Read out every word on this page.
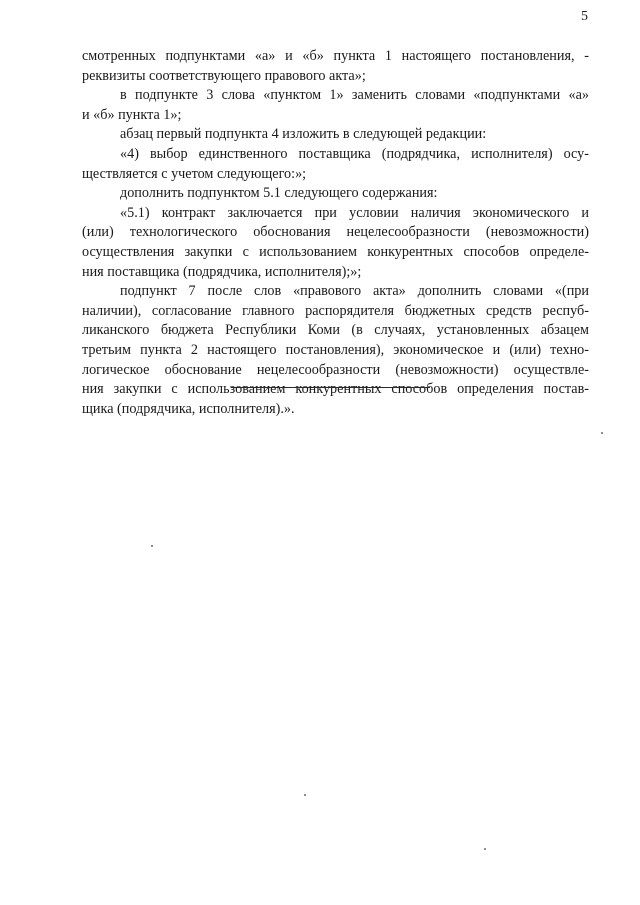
5
смотренных подпунктами «а» и «б» пункта 1 настоящего постановления, -
реквизиты соответствующего правового акта»;
в подпункте 3 слова «пунктом 1» заменить словами «подпунктами «а»
и «б» пункта 1»;
абзац первый подпункта 4 изложить в следующей редакции:
«4) выбор единственного поставщика (подрядчика, исполнителя) осу-
ществляется с учетом следующего:»;
дополнить подпунктом 5.1 следующего содержания:
«5.1) контракт заключается при условии наличия экономического и
(или) технологического обоснования нецелесообразности (невозможности)
осуществления закупки с использованием конкурентных способов определе-
ния поставщика (подрядчика, исполнителя);»;
подпункт 7 после слов «правового акта» дополнить словами «(при
наличии), согласование главного распорядителя бюджетных средств респуб-
ликанского бюджета Республики Коми (в случаях, установленных абзацем
третьим пункта 2 настоящего постановления), экономическое и (или) техно-
логическое обоснование нецелесообразности (невозможности) осуществле-
ния закупки с использованием конкурентных способов определения постав-
щика (подрядчика, исполнителя).».
